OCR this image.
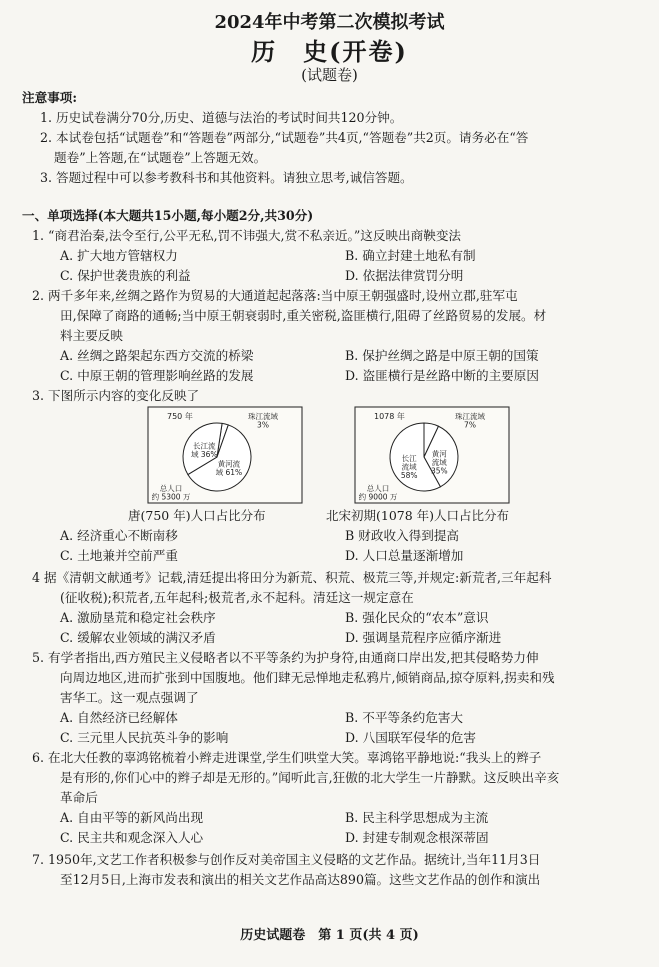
2024年中考第二次模拟考试
历　史(开卷)
(试题卷)
注意事项:
1. 历史试卷满分70分,历史、道德与法治的考试时间共120分钟。
2. 本试卷包括“试题卷”和“答题卷”两部分,“试题卷”共4页,“答题卷”共2页。请务必在“答
题卷”上答题,在“试题卷”上答题无效。
3. 答题过程中可以参考教科书和其他资料。请独立思考,诚信答题。
一、单项选择(本大题共15小题,每小题2分,共30分)
1. “商君治秦,法令至行,公平无私,罚不讳强大,赏不私亲近。”这反映出商鞅变法
A. 扩大地方管辖权力	B. 确立封建土地私有制
C. 保护世袭贵族的利益	D. 依据法律赏罚分明
2. 两千多年来,丝绸之路作为贸易的大通道起起落落:当中原王朝强盛时,设州立郡,驻军屯
田,保障了商路的通畅;当中原王朝衰弱时,重关密税,盗匪横行,阻碍了丝路贸易的发展。材
料主要反映
A. 丝绸之路架起东西方交流的桥梁	B. 保护丝绸之路是中原王朝的国策
C. 中原王朝的管理影响丝路的发展	D. 盗匪横行是丝路中断的主要原因
3. 下图所示内容的变化反映了
750 年
黄河流域 61%
长江流域 36%
珠江流域 3%
总人口约 5300 万
1078 年
长江流域 58%
黄河流域 35%
珠江流域 7%
总人口约 9000 万
唐(750 年)人口占比分布	北宋初期(1078 年)人口占比分布
A. 经济重心不断南移	B 财政收入得到提高
C. 土地兼并空前严重	D. 人口总量逐渐增加
4 据《清朝文献通考》记载,清廷提出将田分为新荒、积荒、极荒三等,并规定:新荒者,三年起科
(征收税);积荒者,五年起科;极荒者,永不起科。清廷这一规定意在
A. 激励垦荒和稳定社会秩序	B. 强化民众的“农本”意识
C. 缓解农业领域的满汉矛盾	D. 强调垦荒程序应循序渐进
5. 有学者指出,西方殖民主义侵略者以不平等条约为护身符,由通商口岸出发,把其侵略势力伸
向周边地区,进而扩张到中国腹地。他们肆无忌惮地走私鸦片,倾销商品,掠夺原料,拐卖和残
害华工。这一观点强调了
A. 自然经济已经解体	B. 不平等条约危害大
C. 三元里人民抗英斗争的影响	D. 八国联军侵华的危害
6. 在北大任教的辜鸿铭梳着小辫走进课堂,学生们哄堂大笑。辜鸿铭平静地说:“我头上的辫子
是有形的,你们心中的辫子却是无形的。”闻听此言,狂傲的北大学生一片静默。这反映出辛亥
革命后
A. 自由平等的新风尚出现	B. 民主科学思想成为主流
C. 民主共和观念深入人心	D. 封建专制观念根深蒂固
7. 1950年,文艺工作者积极参与创作反对美帝国主义侵略的文艺作品。据统计,当年11月3日
至12月5日,上海市发表和演出的相关文艺作品高达890篇。这些文艺作品的创作和演出
历史试题卷　第 1 页(共 4 页)
